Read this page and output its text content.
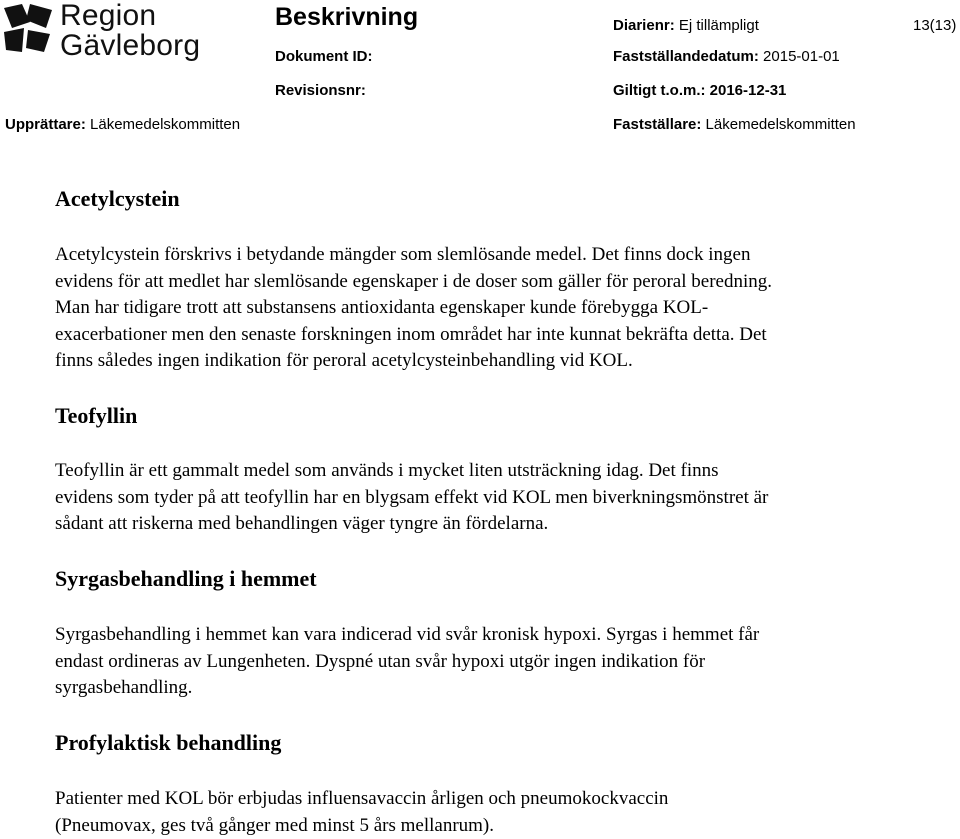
Region
Gävleborg
Beskrivning	Diarienr: Ej tillämpligt	13(13)
Dokument ID:	Fastställandedatum: 2015-01-01
Revisionsnr:	Giltigt t.o.m.: 2016-12-31
Upprättare: Läkemedelskommitten	Fastställare: Läkemedelskommitten
Acetylcystein
Acetylcystein förskrivs i betydande mängder som slemlösande medel. Det finns dock ingen
evidens för att medlet har slemlösande egenskaper i de doser som gäller för peroral beredning.
Man har tidigare trott att substansens antioxidanta egenskaper kunde förebygga KOL-
exacerbationer men den senaste forskningen inom området har inte kunnat bekräfta detta. Det
finns således ingen indikation för peroral acetylcysteinbehandling vid KOL.
Teofyllin
Teofyllin är ett gammalt medel som används i mycket liten utsträckning idag. Det finns
evidens som tyder på att teofyllin har en blygsam effekt vid KOL men biverkningsmönstret är
sådant att riskerna med behandlingen väger tyngre än fördelarna.
Syrgasbehandling i hemmet
Syrgasbehandling i hemmet kan vara indicerad vid svår kronisk hypoxi. Syrgas i hemmet får
endast ordineras av Lungenheten. Dyspné utan svår hypoxi utgör ingen indikation för
syrgasbehandling.
Profylaktisk behandling
Patienter med KOL bör erbjudas influensavaccin årligen och pneumokockvaccin
(Pneumovax, ges två gånger med minst 5 års mellanrum).
